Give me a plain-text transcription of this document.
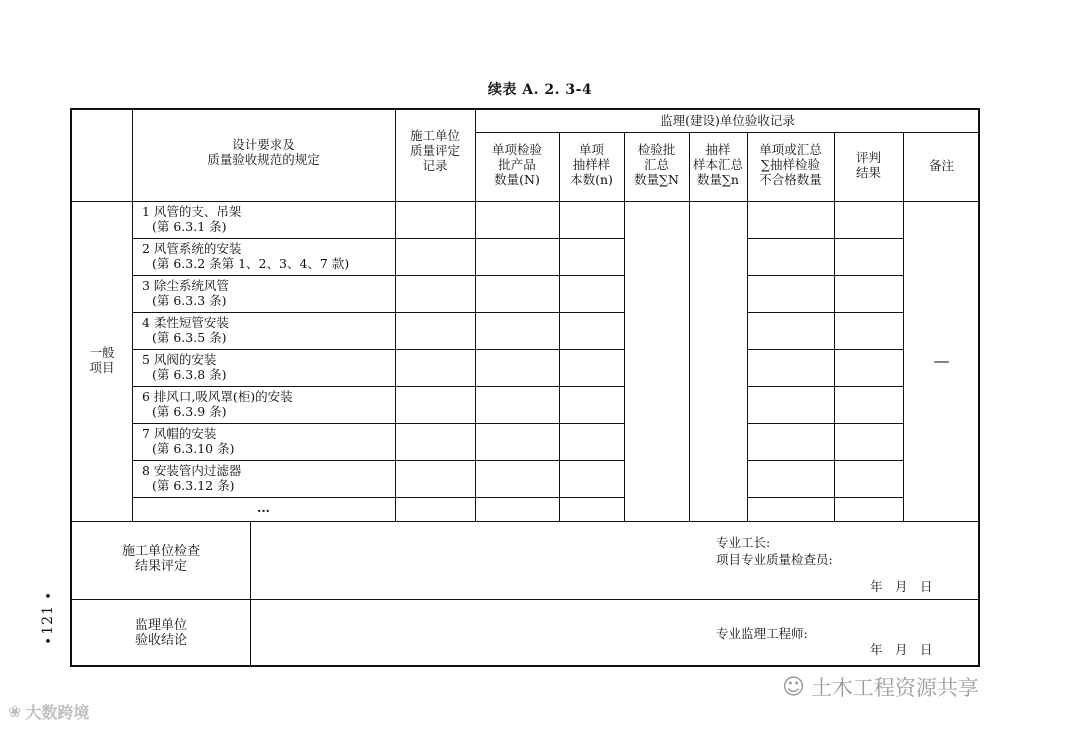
续表 A. 2. 3-4
设计要求及
质量验收规范的规定
施工单位
质量评定
记录
监理(建设)单位验收记录
单项检验
批产品
数量(N)
单项
抽样样
本数(n)
检验批
汇总
数量∑N
抽样
样本汇总
数量∑n
单项或汇总
∑抽样检验
不合格数量
评判
结果	备注
一般
项目
1 风管的支、吊架
(第 6.3.1 条)
2 风管系统的安装
(第 6.3.2 条第 1、2、3、4、7 款)
3 除尘系统风管
(第 6.3.3 条)
4 柔性短管安装
(第 6.3.5 条)
5 风阀的安装
(第 6.3.8 条)
6 排风口,吸风罩(柜)的安装
(第 6.3.9 条)
7 风帽的安装
(第 6.3.10 条)
8 安装管内过滤器
(第 6.3.12 条)
...
—
施工单位检查
结果评定
专业工长:
项目专业质量检查员:
年　月　日
监理单位
验收结论	专业监理工程师:
年　月　日
•
121
•
❀ 大数跨境
☺ 土木工程资源共享
